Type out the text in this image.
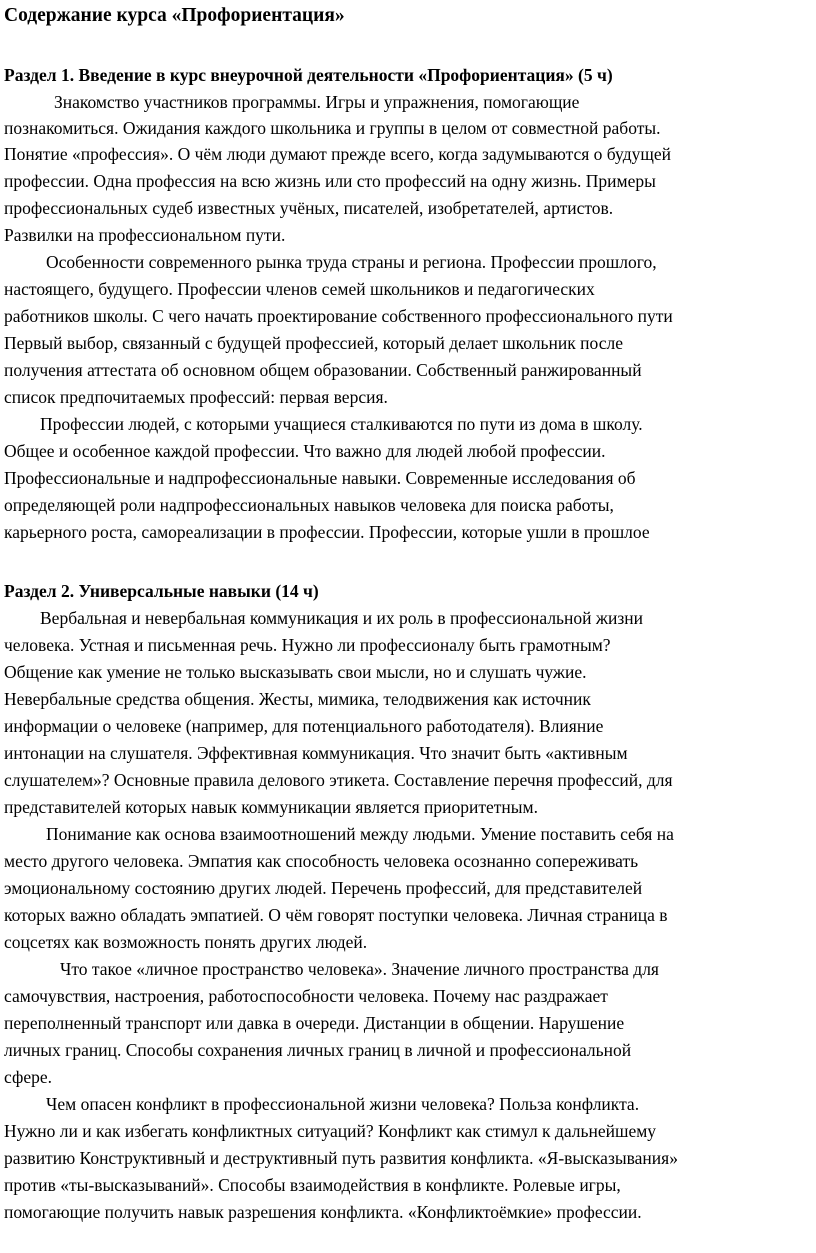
Содержание курса «Профориентация»
Раздел 1. Введение в курс внеурочной деятельности «Профориентация» (5 ч)
Знакомство участников программы. Игры и упражнения, помогающие
познакомиться. Ожидания каждого школьника и группы в целом от совместной работы.
Понятие «профессия». О чём люди думают прежде всего, когда задумываются о будущей
профессии. Одна профессия на всю жизнь или сто профессий на одну жизнь. Примеры
профессиональных судеб известных учёных, писателей, изобретателей, артистов.
Развилки на профессиональном пути.
Особенности современного рынка труда страны и региона. Профессии прошлого,
настоящего, будущего. Профессии членов семей школьников и педагогических
работников школы. С чего начать проектирование собственного профессионального пути
Первый выбор, связанный с будущей профессией, который делает школьник после
получения аттестата об основном общем образовании. Собственный ранжированный
список предпочитаемых профессий: первая версия.
Профессии людей, с которыми учащиеся сталкиваются по пути из дома в школу.
Общее и особенное каждой профессии. Что важно для людей любой профессии.
Профессиональные и надпрофессиональные навыки. Современные исследования об
определяющей роли надпрофессиональных навыков человека для поиска работы,
карьерного роста, самореализации в профессии. Профессии, которые ушли в прошлое
Раздел 2. Универсальные навыки (14 ч)
Вербальная и невербальная коммуникация и их роль в профессиональной жизни
человека. Устная и письменная речь. Нужно ли профессионалу быть грамотным?
Общение как умение не только высказывать свои мысли, но и слушать чужие.
Невербальные средства общения. Жесты, мимика, телодвижения как источник
информации о человеке (например, для потенциального работодателя). Влияние
интонации на слушателя. Эффективная коммуникация. Что значит быть «активным
слушателем»? Основные правила делового этикета. Составление перечня профессий, для
представителей которых навык коммуникации является приоритетным.
Понимание как основа взаимоотношений между людьми. Умение поставить себя на
место другого человека. Эмпатия как способность человека осознанно сопереживать
эмоциональному состоянию других людей. Перечень профессий, для представителей
которых важно обладать эмпатией. О чём говорят поступки человека. Личная страница в
соцсетях как возможность понять других людей.
Что такое «личное пространство человека». Значение личного пространства для
самочувствия, настроения, работоспособности человека. Почему нас раздражает
переполненный транспорт или давка в очереди. Дистанции в общении. Нарушение
личных границ. Способы сохранения личных границ в личной и профессиональной
сфере.
Чем опасен конфликт в профессиональной жизни человека? Польза конфликта.
Нужно ли и как избегать конфликтных ситуаций? Конфликт как стимул к дальнейшему
развитию Конструктивный и деструктивный путь развития конфликта. «Я-высказывания»
против «ты-высказываний». Способы взаимодействия в конфликте. Ролевые игры,
помогающие получить навык разрешения конфликта. «Конфликтоёмкие» профессии.
